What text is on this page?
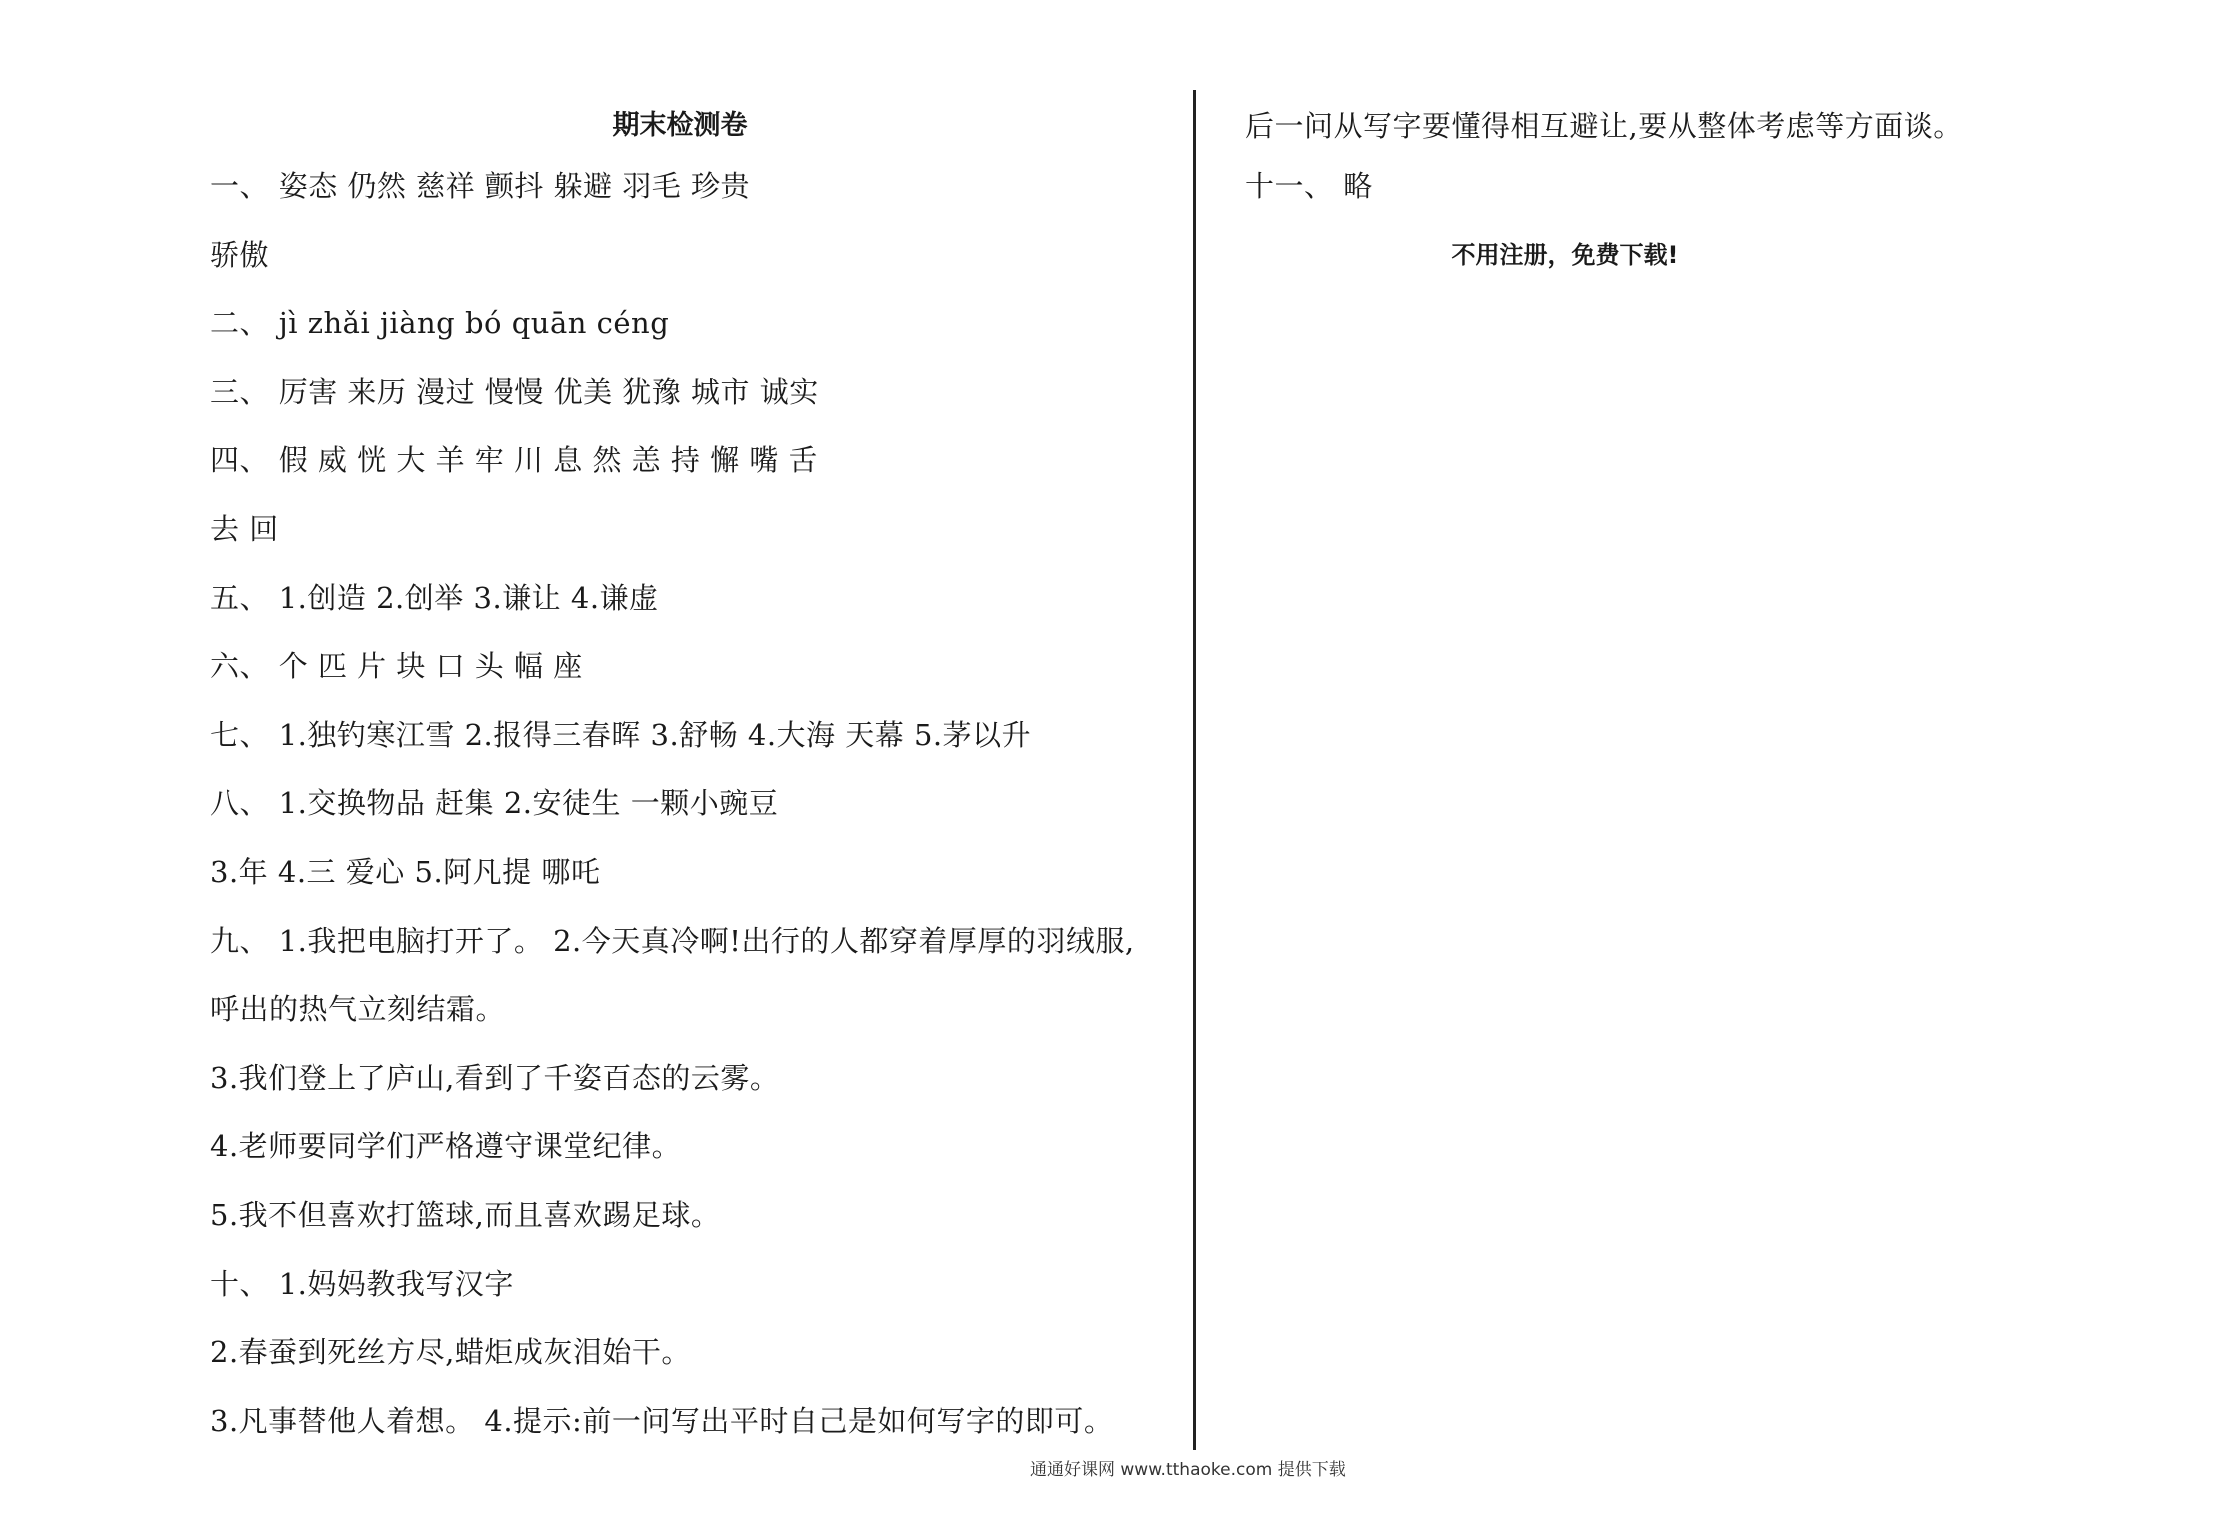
期末检测卷
一、 姿态 仍然 慈祥 颤抖 躲避 羽毛 珍贵
骄傲
二、 jì zhǎi jiàng bó quān céng
三、 厉害 来历 漫过 慢慢 优美 犹豫 城市 诚实
四、 假 威 恍 大 羊 牢 川 息 然 恙 持 懈 嘴 舌
去 回
五、 1.创造 2.创举 3.谦让 4.谦虚
六、 个 匹 片 块 口 头 幅 座
七、 1.独钓寒江雪 2.报得三春晖 3.舒畅 4.大海 天幕 5.茅以升
八、 1.交换物品 赶集 2.安徒生 一颗小豌豆
3.年 4.三 爱心 5.阿凡提 哪吒
九、 1.我把电脑打开了。 2.今天真冷啊!出行的人都穿着厚厚的羽绒服,
呼出的热气立刻结霜。
3.我们登上了庐山,看到了千姿百态的云雾。
4.老师要同学们严格遵守课堂纪律。
5.我不但喜欢打篮球,而且喜欢踢足球。
十、 1.妈妈教我写汉字
2.春蚕到死丝方尽,蜡炬成灰泪始干。
3.凡事替他人着想。 4.提示:前一问写出平时自己是如何写字的即可。
后一问从写字要懂得相互避让,要从整体考虑等方面谈。
十一、 略
不用注册，免费下载!
通通好课网 www.tthaoke.com 提供下载
